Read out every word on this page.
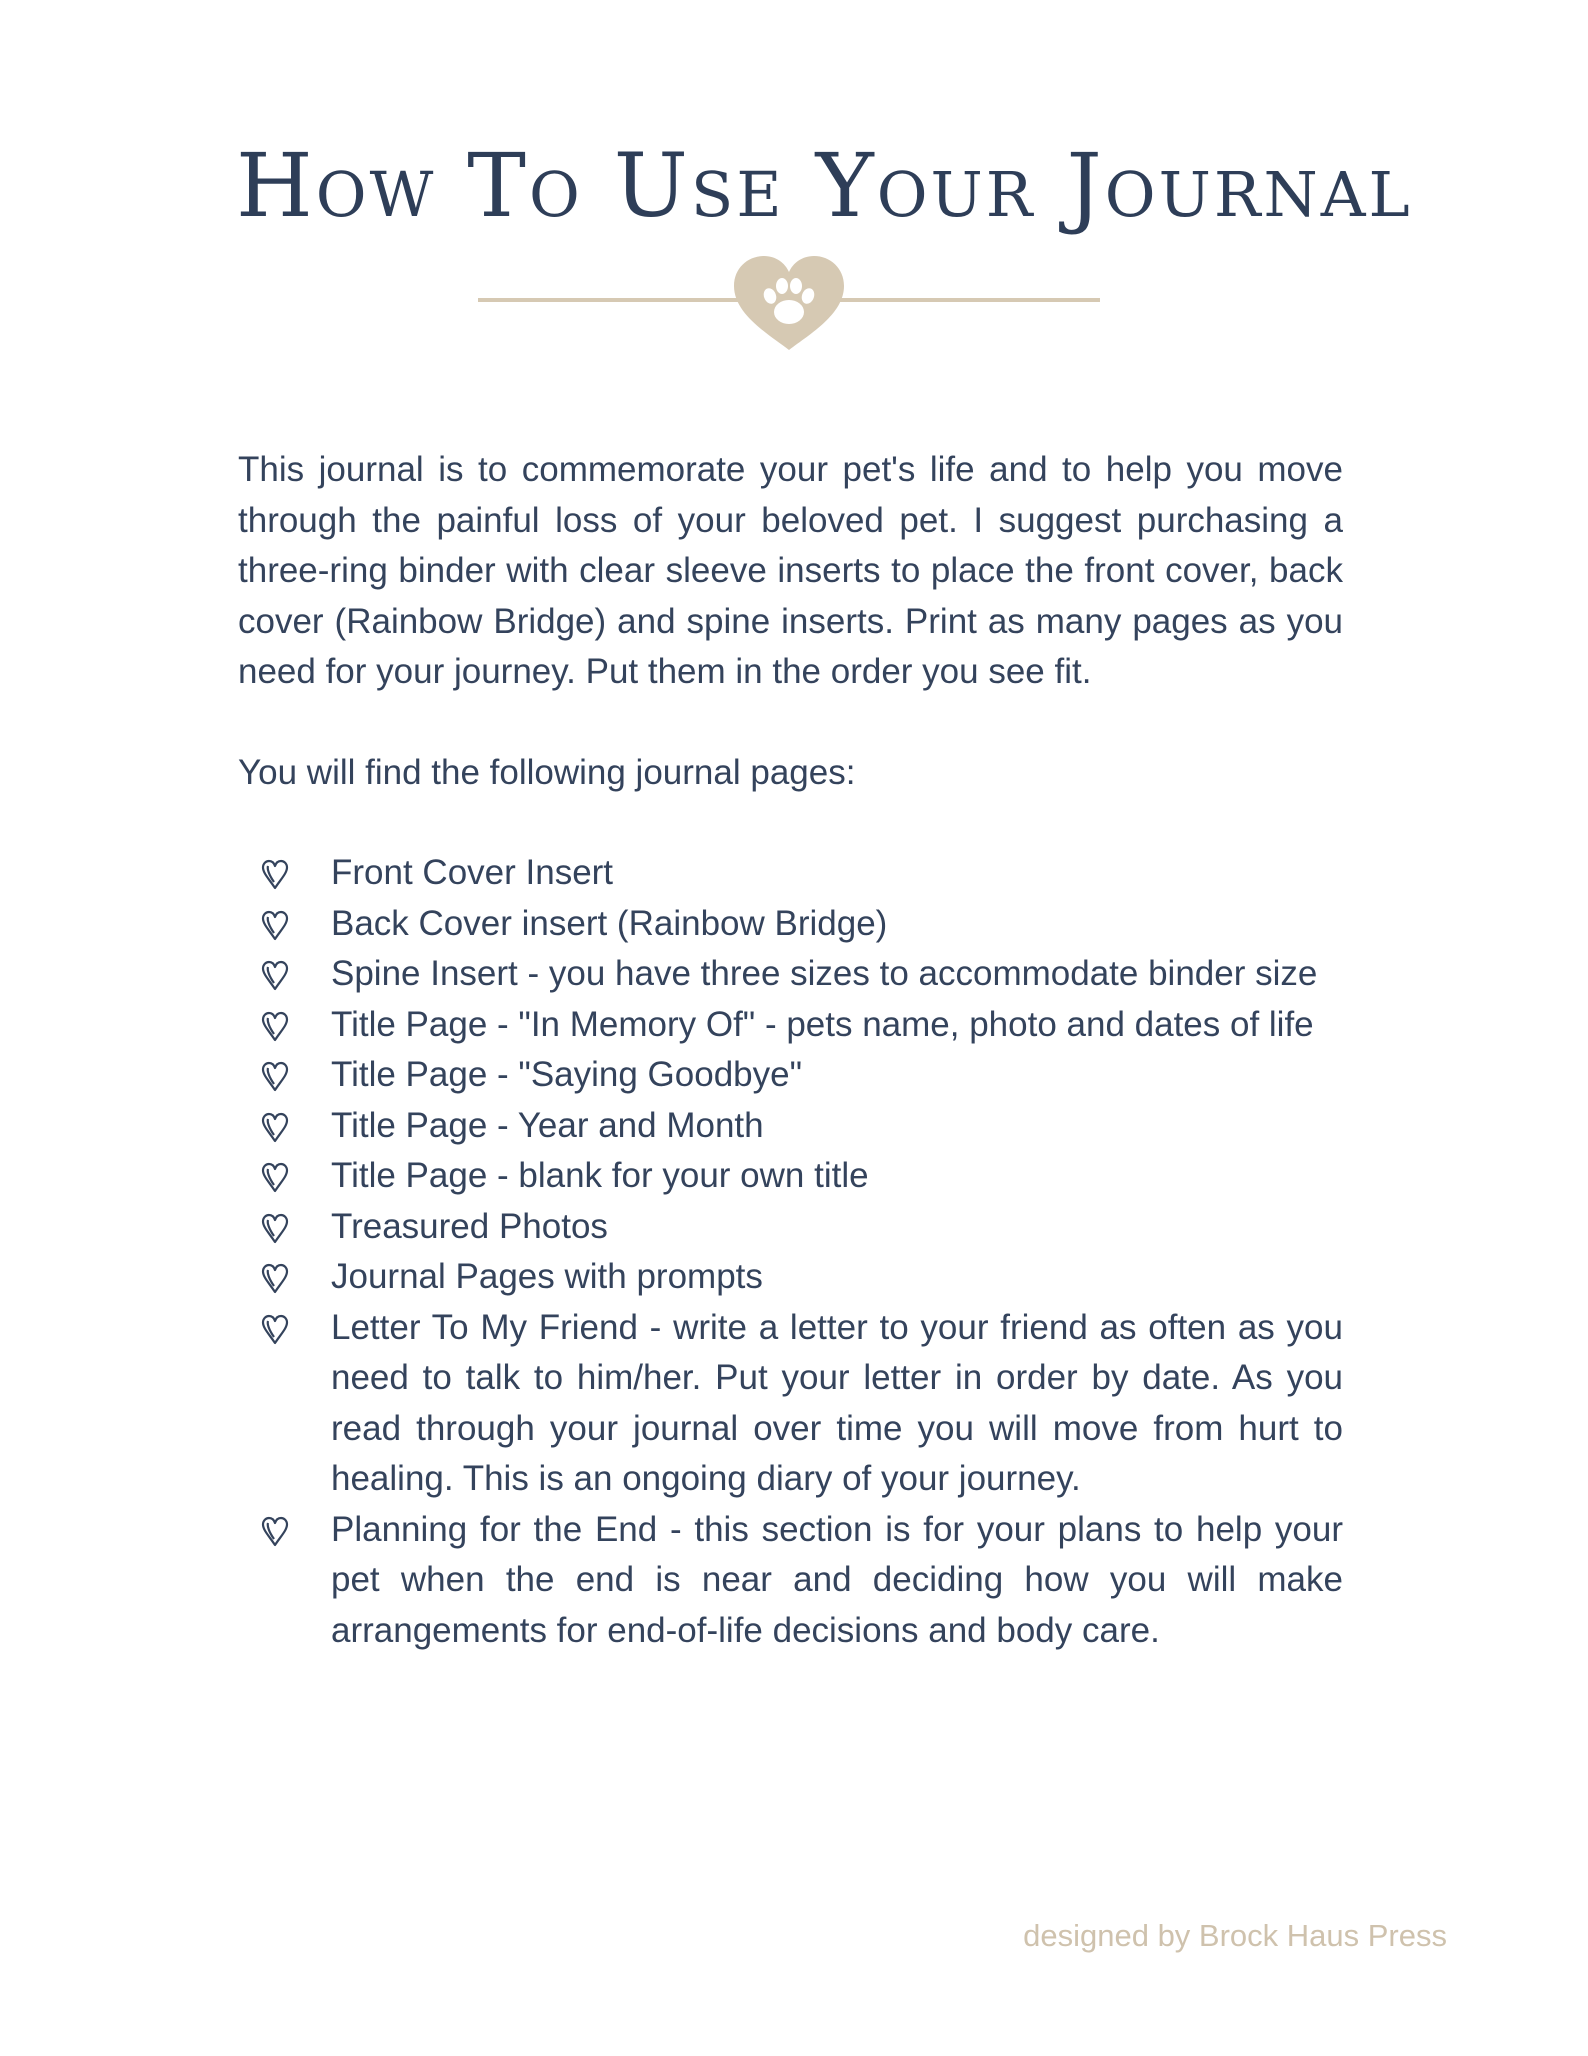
How To Use Your Journal

This journal is to commemorate your pet's life and to help you move through the painful loss of your beloved pet. I suggest purchasing a three-ring binder with clear sleeve inserts to place the front cover, back cover (Rainbow Bridge) and spine inserts. Print as many pages as you need for your journey. Put them in the order you see fit.

You will find the following journal pages:

Front Cover Insert
Back Cover insert (Rainbow Bridge)
Spine Insert - you have three sizes to accommodate binder size
Title Page - "In Memory Of" - pets name, photo and dates of life
Title Page - "Saying Goodbye"
Title Page - Year and Month
Title Page - blank for your own title
Treasured Photos
Journal Pages with prompts
Letter To My Friend - write a letter to your friend as often as you need to talk to him/her. Put your letter in order by date. As you read through your journal over time you will move from hurt to healing. This is an ongoing diary of your journey.
Planning for the End - this section is for your plans to help your pet when the end is near and deciding how you will make arrangements for end-of-life decisions and body care.
designed by Brock Haus Press
